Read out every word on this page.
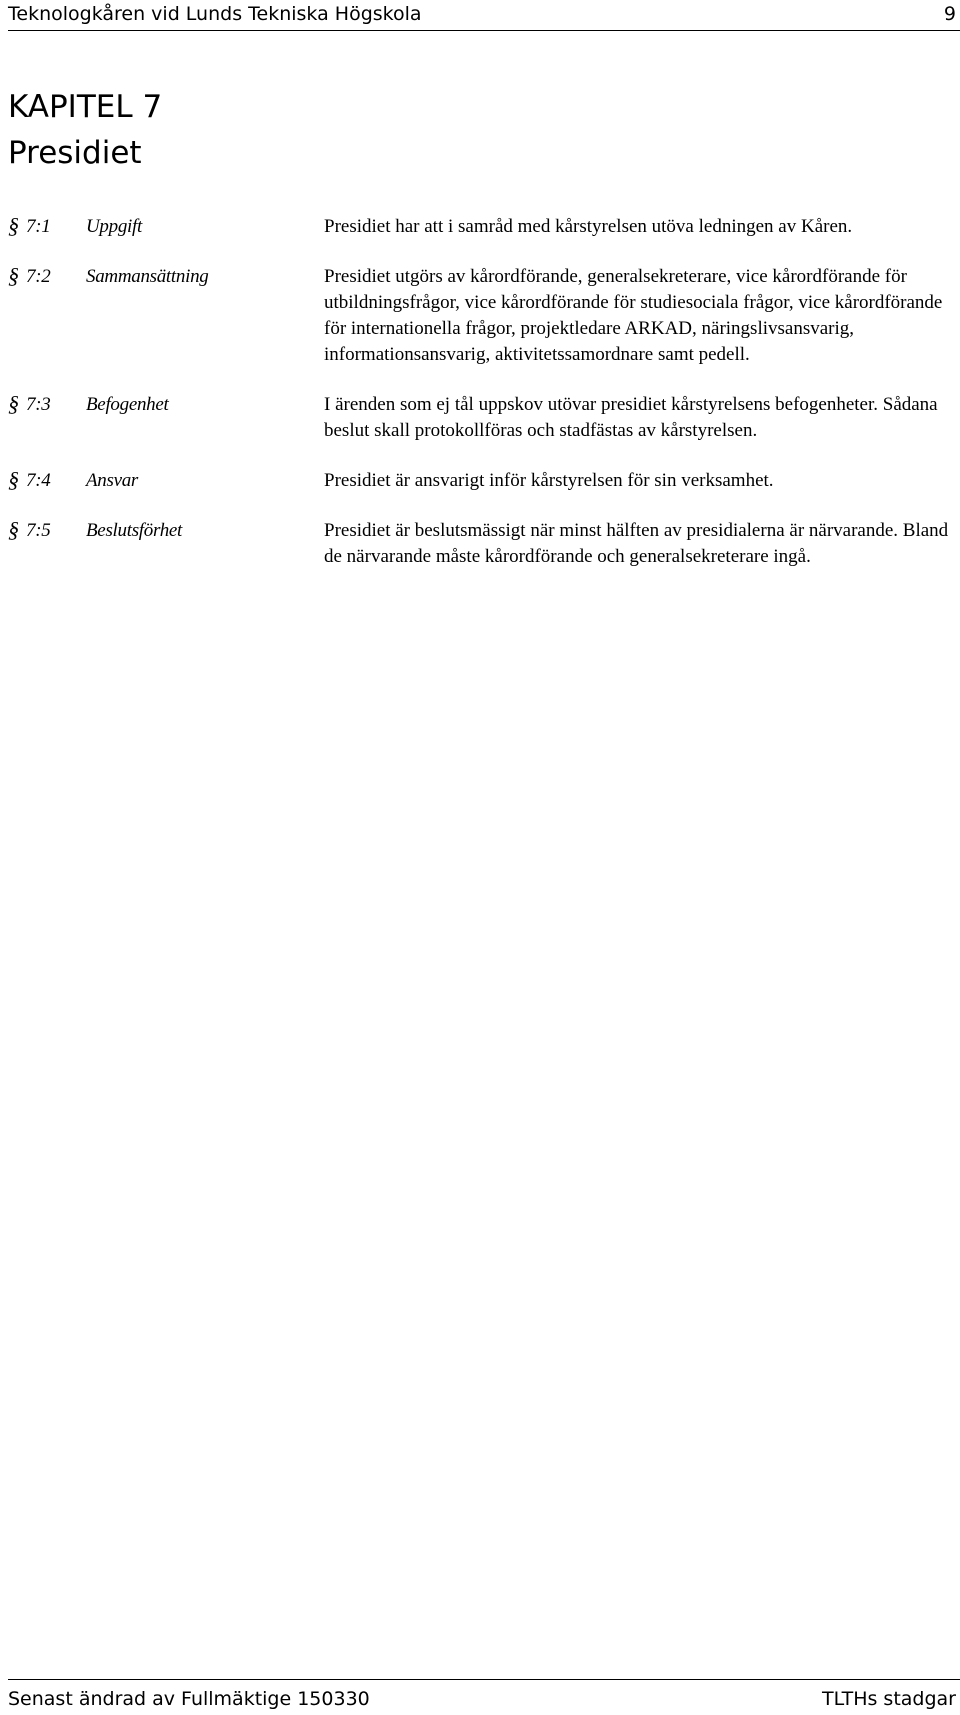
Teknologkåren vid Lunds Tekniska Högskola	9
KAPITEL 7
Presidiet
§ 7:1 Uppgift	Presidiet har att i samråd med kårstyrelsen utöva ledningen av Kåren.
§ 7:2 Sammansättning	Presidiet utgörs av kårordförande, generalsekreterare, vice kårordförande för utbildningsfrågor, vice kårordförande för studiesociala frågor, vice kårordförande för internationella frågor, projektledare ARKAD, näringslivsansvarig, informationsansvarig, aktivitetssamordnare samt pedell.
§ 7:3 Befogenhet	I ärenden som ej tål uppskov utövar presidiet kårstyrelsens befogenheter. Sådana beslut skall protokollföras och stadfästas av kårstyrelsen.
§ 7:4 Ansvar	Presidiet är ansvarigt inför kårstyrelsen för sin verksamhet.
§ 7:5 Beslutsförhet	Presidiet är beslutsmässigt när minst hälften av presidialerna är närvarande. Bland de närvarande måste kårordförande och generalsekreterare ingå.
Senast ändrad av Fullmäktige 150330	TLTHs stadgar
